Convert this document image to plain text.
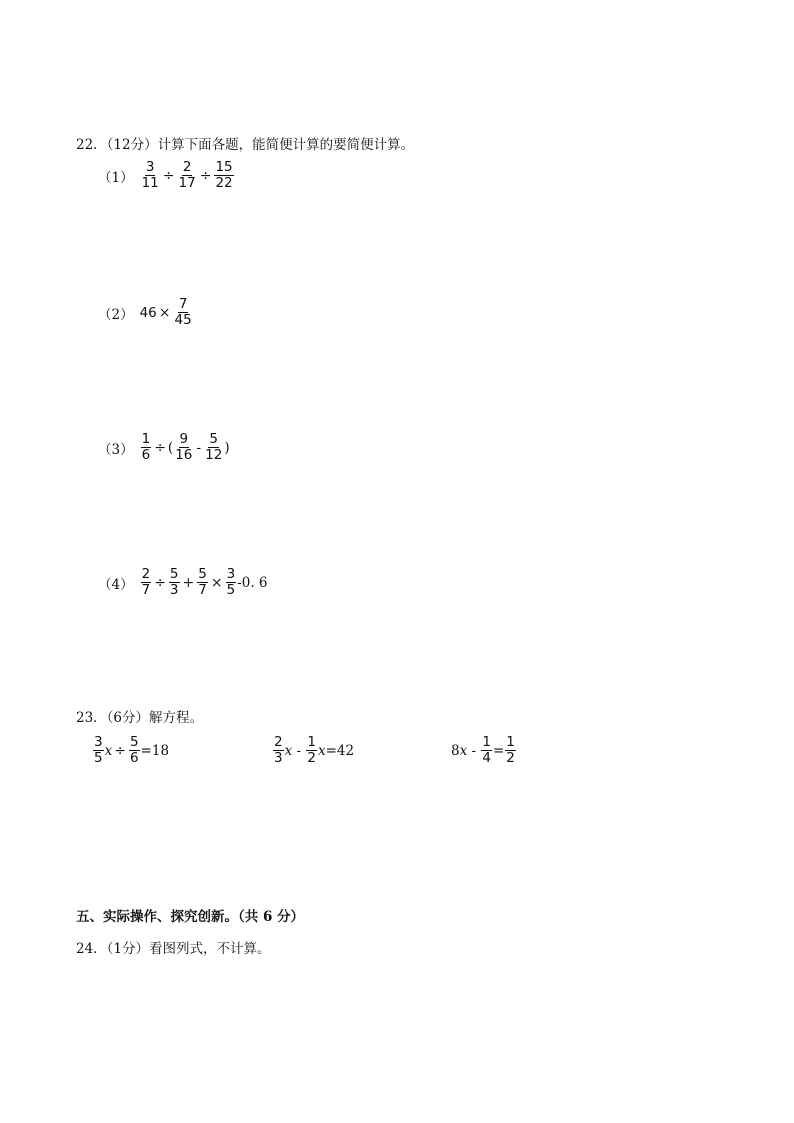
22．（12分）计算下面各题，能简便计算的要简便计算。
$(1) \frac{3}{11} \div \frac{2}{17} \div \frac{15}{22}$
（2） $46 \times \frac{7}{45}$
$(3) \frac{1}{6}$ ÷ ( $\frac{9}{16} - \frac{5}{12}$ )
$(4) \frac{2}{7} \div \frac{5}{3} + \frac{5}{7} \times \frac{3}{5} -0$. 6
23．（6分）解方程。
$\frac{3}{5}$ $x \div \frac{5}{6} =18$	$\frac{2}{3}$ x - $\frac{1}{2}$ x =42	8 $x - \frac{1}{4} = \frac{1}{2}$
五、实际操作、探究创新。（共 6 分）
24．（1分）看图列式，不计算。
